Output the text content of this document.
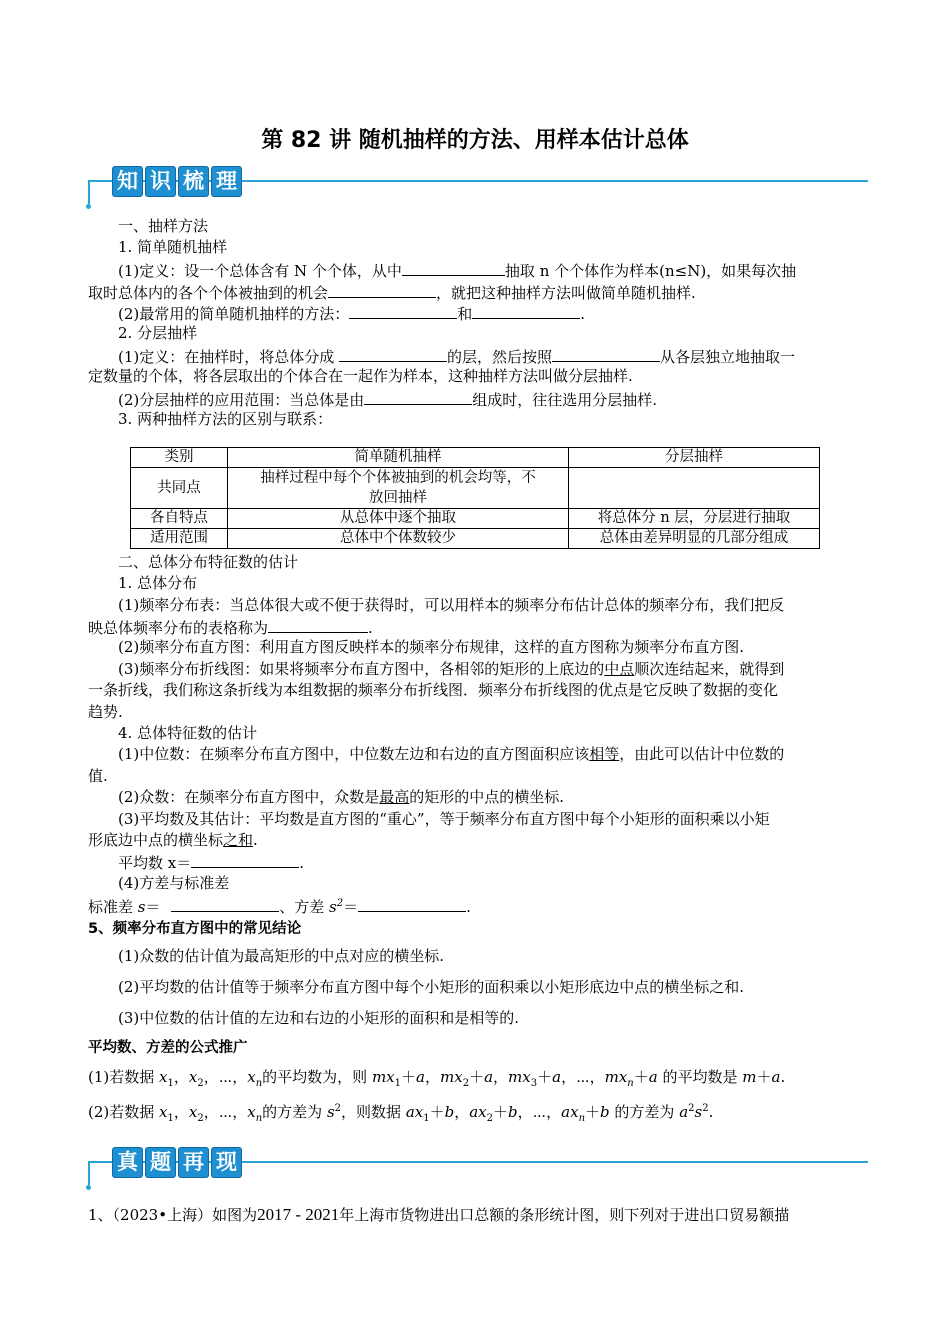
第 82 讲 随机抽样的方法、用样本估计总体
知 识 梳 理
一、抽样方法
1. 简单随机抽样
(1)定义：设一个总体含有 N 个个体，从中	抽取 n 个个体作为样本(n≤N)，如果每次抽
取时总体内的各个个体被抽到的机会	，就把这种抽样方法叫做简单随机抽样.
(2)最常用的简单随机抽样的方法：	和	.
2. 分层抽样
(1)定义：在抽样时，将总体分成	的层，然后按照	从各层独立地抽取一
定数量的个体，将各层取出的个体合在一起作为样本，这种抽样方法叫做分层抽样.
(2)分层抽样的应用范围：当总体是由	组成时，往往选用分层抽样.
3. 两种抽样方法的区别与联系：
类别	简单随机抽样	分层抽样
共同点	抽样过程中每个个体被抽到的机会均等，不
放回抽样	

各自特点	从总体中逐个抽取	将总体分 n 层，分层进行抽取
适用范围	总体中个体数较少	总体由差异明显的几部分组成
二、总体分布特征数的估计
1. 总体分布
(1)频率分布表：当总体很大或不便于获得时，可以用样本的频率分布估计总体的频率分布，我们把反
映总体频率分布的表格称为	.
(2)频率分布直方图：利用直方图反映样本的频率分布规律，这样的直方图称为频率分布直方图.
(3)频率分布折线图：如果将频率分布直方图中，各相邻的矩形的上底边的中点顺次连结起来，就得到
一条折线，我们称这条折线为本组数据的频率分布折线图．频率分布折线图的优点是它反映了数据的变化
趋势.
4. 总体特征数的估计
(1)中位数：在频率分布直方图中，中位数左边和右边的直方图面积应该相等，由此可以估计中位数的
值.
(2)众数：在频率分布直方图中，众数是最高的矩形的中点的横坐标.
(3)平均数及其估计：平均数是直方图的“重心”，等于频率分布直方图中每个小矩形的面积乘以小矩
形底边中点的横坐标之和.
平均数 x＝	.
(4)方差与标准差
标准差 s＝	、方差 $s^2=$	.
5、频率分布直方图中的常见结论
(1)众数的估计值为最高矩形的中点对应的横坐标.
(2)平均数的估计值等于频率分布直方图中每个小矩形的面积乘以小矩形底边中点的横坐标之和.
(3)中位数的估计值的左边和右边的小矩形的面积和是相等的.
平均数、方差的公式推广
(1)若数据 $x_1$，$x_2$，⋯，$x_n$的平均数为，则 $mx_1+a$，$mx_2+a$，$mx_3+a$，⋯，$mx_n+a$ 的平均数是 m＋a.
(2)若数据 $x_1$，$x_2$，⋯，$x_n$的方差为 $s^2$，则数据 $ax_1+b$，$ax_2+b$，⋯，$ax_n+b$ 的方差为 $a^2s^2$.
真 题 再 现
1、（2023•上海）如图为2017 - 2021年上海市货物进出口总额的条形统计图，则下列对于进出口贸易额描
